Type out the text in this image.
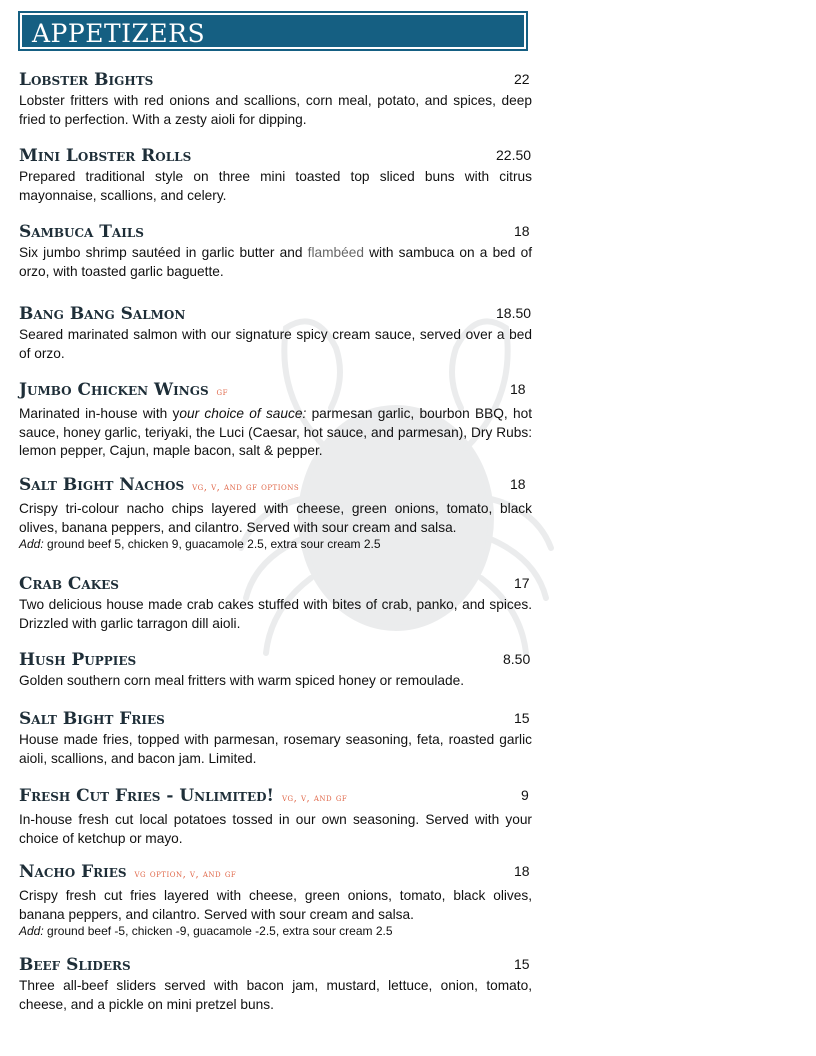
APPETIZERS
Lobster Bights	22
Lobster fritters with red onions and scallions, corn meal, potato, and spices, deep fried to perfection. With a zesty aioli for dipping.
Mini Lobster Rolls	22.50
Prepared traditional style on three mini toasted top sliced buns with citrus mayonnaise, scallions, and celery.
Sambuca Tails	18
Six jumbo shrimp sautéed in garlic butter and flambéed with sambuca on a bed of orzo, with toasted garlic baguette.
Bang Bang Salmon	18.50
Seared marinated salmon with our signature spicy cream sauce, served over a bed of orzo.
Jumbo Chicken Wings gf	18
Marinated in-house with your choice of sauce: parmesan garlic, bourbon BBQ, hot sauce, honey garlic, teriyaki, the Luci (Caesar, hot sauce, and parmesan), Dry Rubs: lemon pepper, Cajun, maple bacon, salt & pepper.
Salt Bight Nachos vg, v, and gf options	18
Crispy tri-colour nacho chips layered with cheese, green onions, tomato, black olives, banana peppers, and cilantro. Served with sour cream and salsa.
Add: ground beef 5, chicken 9, guacamole 2.5, extra sour cream 2.5
Crab Cakes	17
Two delicious house made crab cakes stuffed with bites of crab, panko, and spices. Drizzled with garlic tarragon dill aioli.
Hush Puppies	8.50
Golden southern corn meal fritters with warm spiced honey or remoulade.
Salt Bight Fries	15
House made fries, topped with parmesan, rosemary seasoning, feta, roasted garlic aioli, scallions, and bacon jam. Limited.
Fresh Cut Fries - Unlimited! vg, v, and gf	9
In-house fresh cut local potatoes tossed in our own seasoning. Served with your choice of ketchup or mayo.
Nacho Fries vg option, v, and gf	18
Crispy fresh cut fries layered with cheese, green onions, tomato, black olives, banana peppers, and cilantro. Served with sour cream and salsa.
Add: ground beef -5, chicken -9, guacamole -2.5, extra sour cream 2.5
Beef Sliders	15
Three all-beef sliders served with bacon jam, mustard, lettuce, onion, tomato, cheese, and a pickle on mini pretzel buns.
